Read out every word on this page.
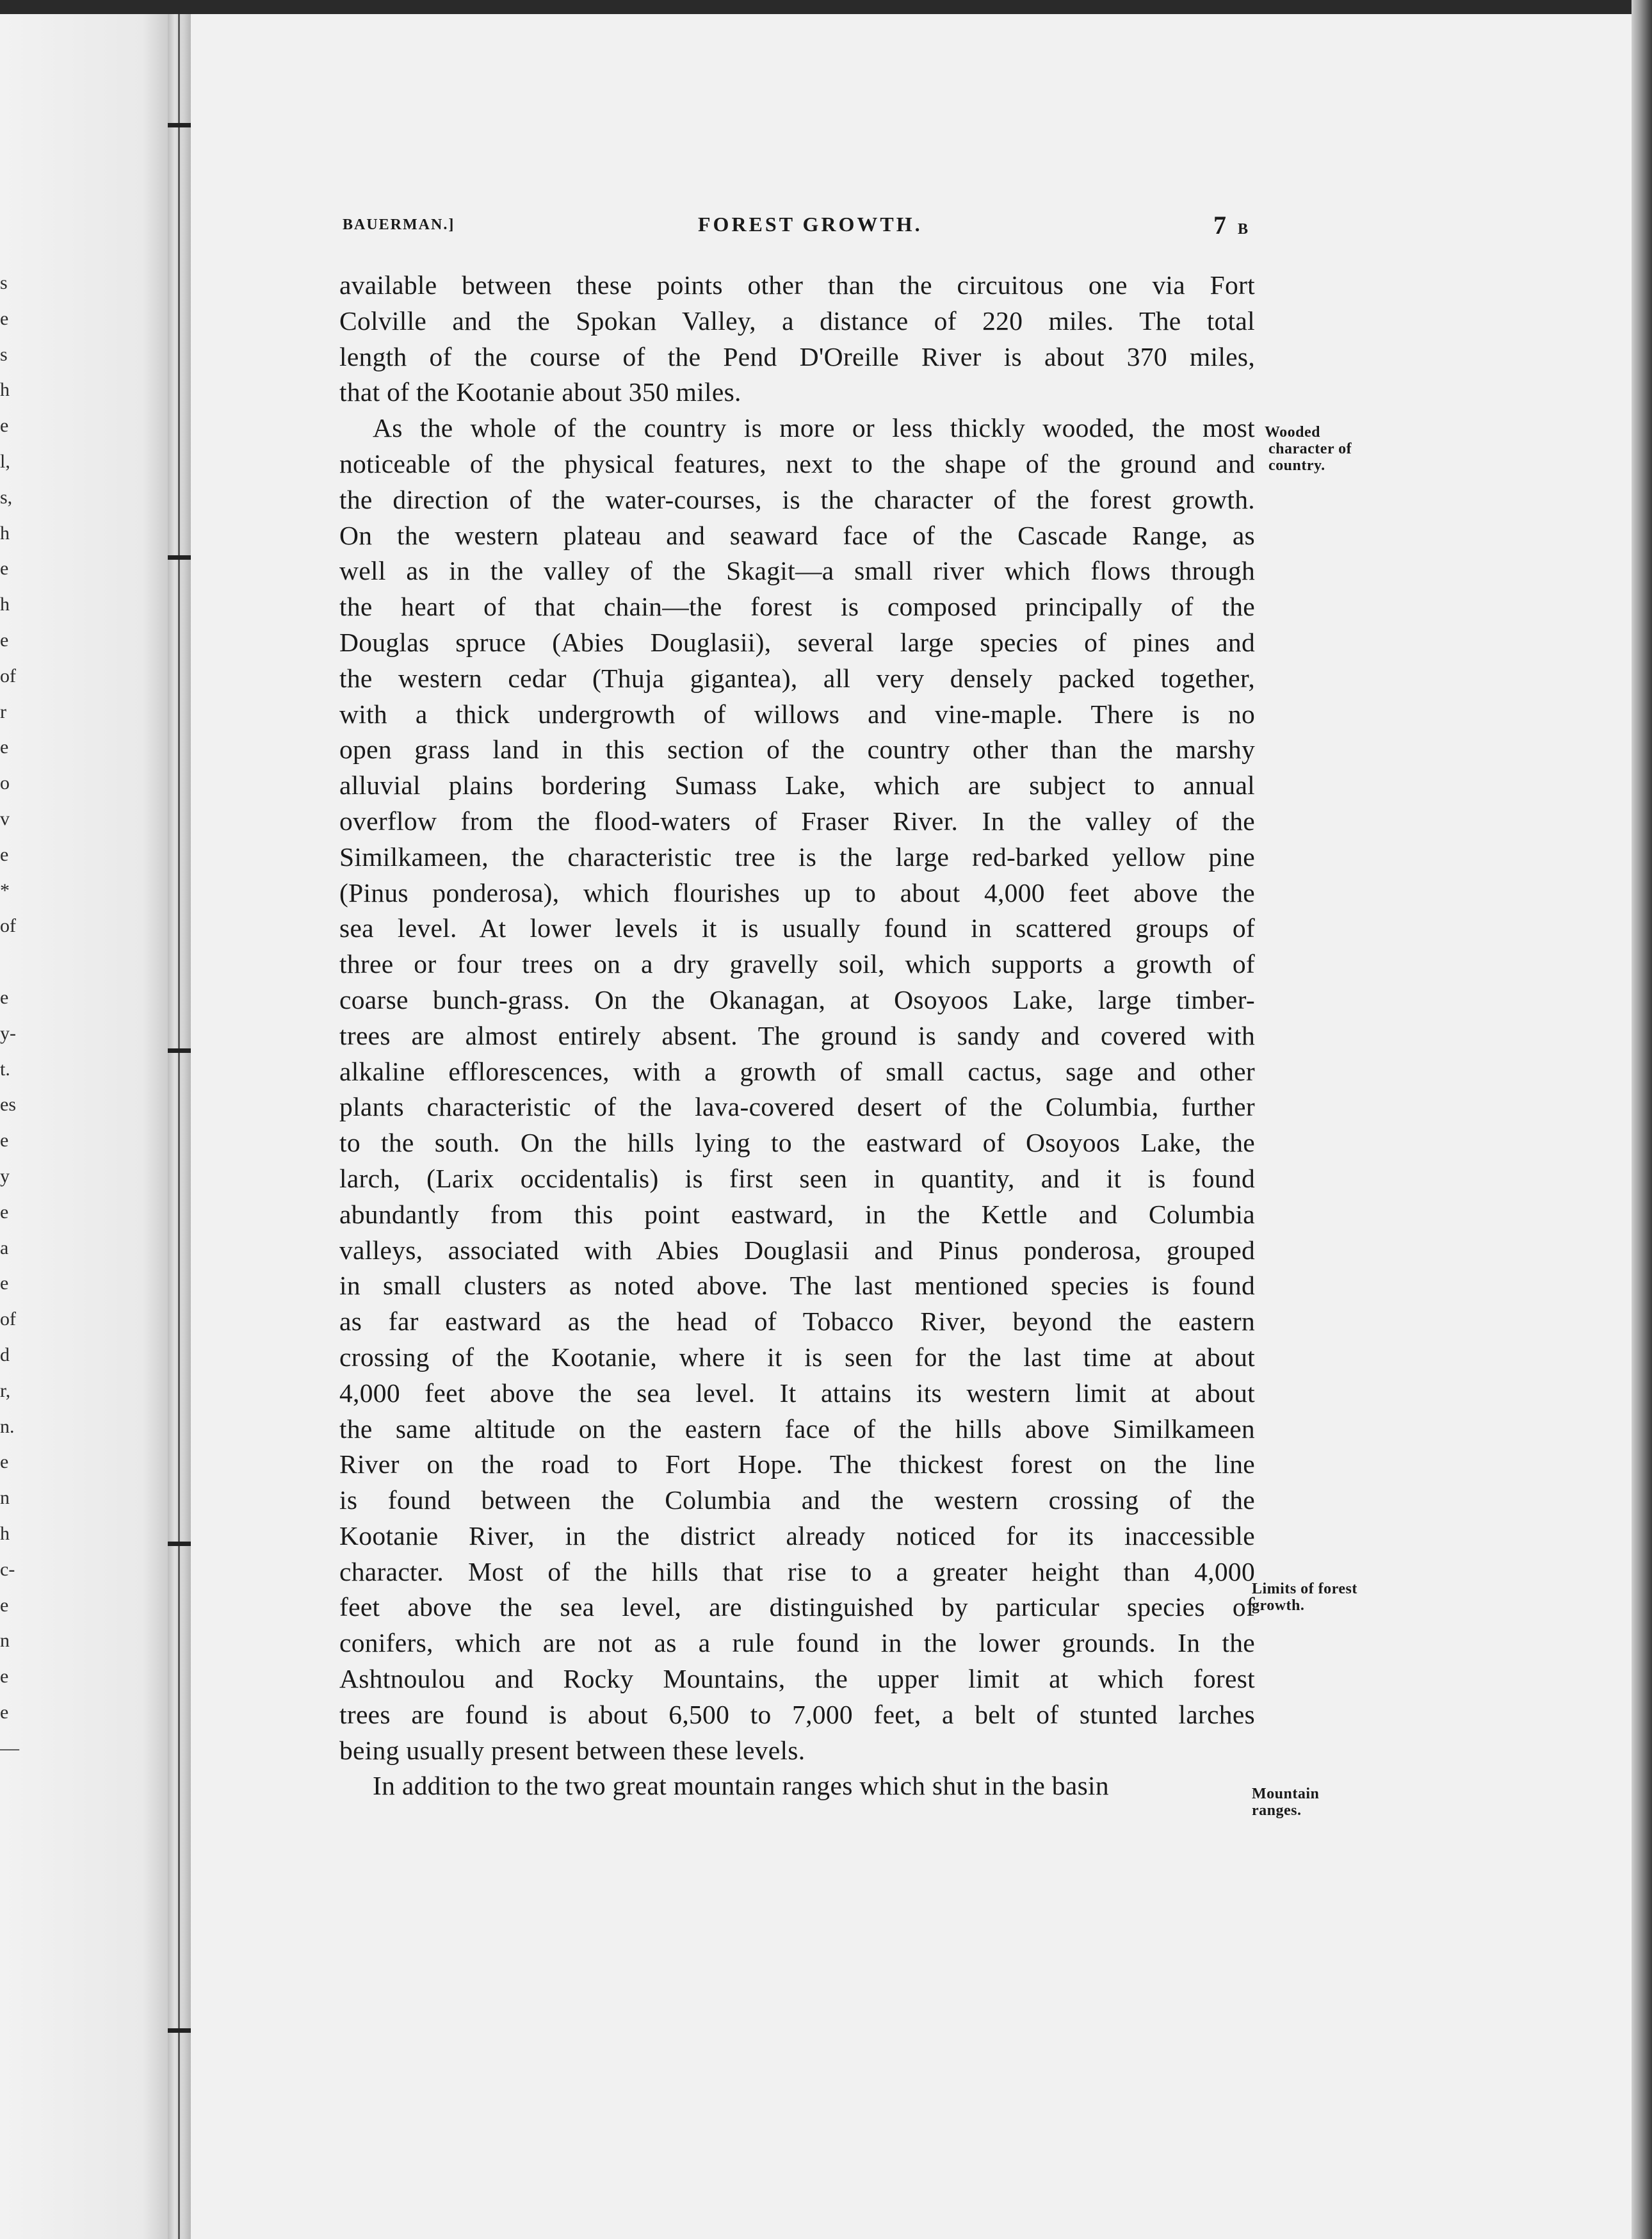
s
e
s
h
e
l,
s,
h
e
h
e
of
r
e
o
v
e
*
of
e
y-
t.
es
e
y
e
a
e
of
d
r,
n.
e
n
h
c-
e
n
e
e
—
BAUERMAN.]	FOREST GROWTH.	7 B
available between these points other than the circuitous one via Fort
Colville and the Spokan Valley, a distance of 220 miles. The total
length of the course of the Pend D'Oreille River is about 370 miles,
that of the Kootanie about 350 miles.
As the whole of the country is more or less thickly wooded, the most
noticeable of the physical features, next to the shape of the ground and
the direction of the water-courses, is the character of the forest growth.
On the western plateau and seaward face of the Cascade Range, as
well as in the valley of the Skagit—a small river which flows through
the heart of that chain—the forest is composed principally of the
Douglas spruce (Abies Douglasii), several large species of pines and
the western cedar (Thuja gigantea), all very densely packed together,
with a thick undergrowth of willows and vine-maple. There is no
open grass land in this section of the country other than the marshy
alluvial plains bordering Sumass Lake, which are subject to annual
overflow from the flood-waters of Fraser River. In the valley of the
Similkameen, the characteristic tree is the large red-barked yellow pine
(Pinus ponderosa), which flourishes up to about 4,000 feet above the
sea level. At lower levels it is usually found in scattered groups of
three or four trees on a dry gravelly soil, which supports a growth of
coarse bunch-grass. On the Okanagan, at Osoyoos Lake, large timber-
trees are almost entirely absent. The ground is sandy and covered with
alkaline efflorescences, with a growth of small cactus, sage and other
plants characteristic of the lava-covered desert of the Columbia, further
to the south. On the hills lying to the eastward of Osoyoos Lake, the
larch, (Larix occidentalis) is first seen in quantity, and it is found
abundantly from this point eastward, in the Kettle and Columbia
valleys, associated with Abies Douglasii and Pinus ponderosa, grouped
in small clusters as noted above. The last mentioned species is found
as far eastward as the head of Tobacco River, beyond the eastern
crossing of the Kootanie, where it is seen for the last time at about
4,000 feet above the sea level. It attains its western limit at about
the same altitude on the eastern face of the hills above Similkameen
River on the road to Fort Hope. The thickest forest on the line
is found between the Columbia and the western crossing of the
Kootanie River, in the district already noticed for its inaccessible
character. Most of the hills that rise to a greater height than 4,000
feet above the sea level, are distinguished by particular species of
conifers, which are not as a rule found in the lower grounds. In the
Ashtnoulou and Rocky Mountains, the upper limit at which forest
trees are found is about 6,500 to 7,000 feet, a belt of stunted larches
being usually present between these levels.
In addition to the two great mountain ranges which shut in the basin
Wooded
character of
country.
Limits of forest
growth.
Mountain
ranges.
